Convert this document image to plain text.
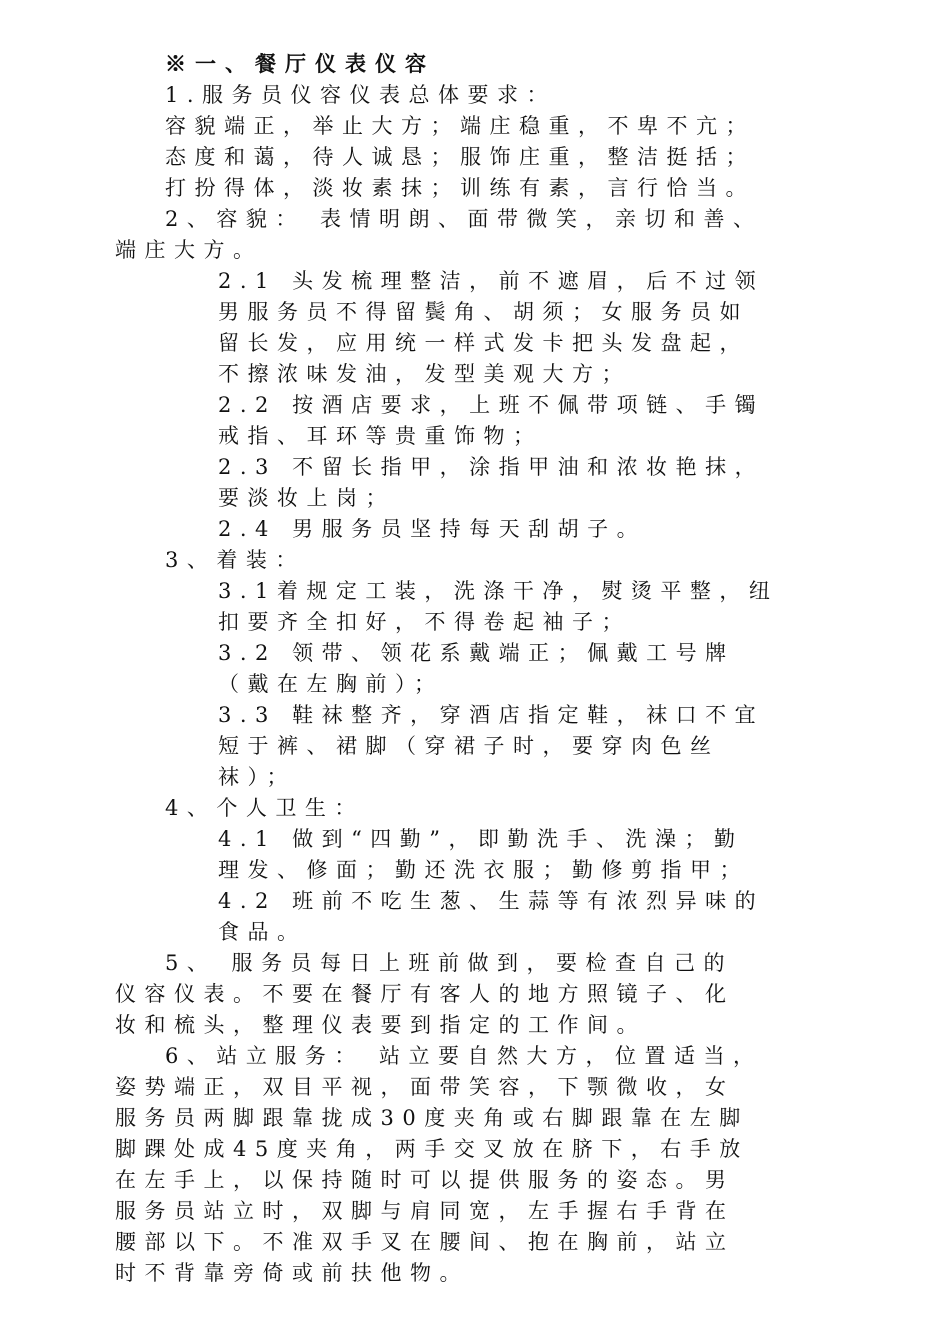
※一、餐厅仪表仪容
1.服务员仪容仪表总体要求：
容貌端正，举止大方；端庄稳重，不卑不亢；
态度和蔼，待人诚恳；服饰庄重，整洁挺括；
打扮得体，淡妆素抹；训练有素，言行恰当。
2、容貌： 表情明朗、面带微笑，亲切和善、
端庄大方。
2.1 头发梳理整洁，前不遮眉，后不过领
男服务员不得留鬓角、胡须；女服务员如
留长发，应用统一样式发卡把头发盘起，
不擦浓味发油，发型美观大方；
2.2 按酒店要求，上班不佩带项链、手镯
戒指、耳环等贵重饰物；
2.3 不留长指甲，涂指甲油和浓妆艳抹，
要淡妆上岗；
2.4 男服务员坚持每天刮胡子。
3、着装：
3.1着规定工装，洗涤干净，熨烫平整，纽
扣要齐全扣好，不得卷起袖子；
3.2 领带、领花系戴端正；佩戴工号牌
（戴在左胸前）；
3.3 鞋袜整齐，穿酒店指定鞋，袜口不宜
短于裤、裙脚（穿裙子时，要穿肉色丝
袜）；
4、个人卫生：
4.1 做到“四勤”，即勤洗手、洗澡；勤
理发、修面；勤还洗衣服；勤修剪指甲；
4.2 班前不吃生葱、生蒜等有浓烈异味的
食品。
5、 服务员每日上班前做到，要检查自己的
仪容仪表。不要在餐厅有客人的地方照镜子、化
妆和梳头，整理仪表要到指定的工作间。
6、站立服务： 站立要自然大方，位置适当，
姿势端正，双目平视，面带笑容，下颚微收，女
服务员两脚跟靠拢成30度夹角或右脚跟靠在左脚
脚踝处成45度夹角，两手交叉放在脐下，右手放
在左手上，以保持随时可以提供服务的姿态。男
服务员站立时，双脚与肩同宽，左手握右手背在
腰部以下。不准双手叉在腰间、抱在胸前，站立
时不背靠旁倚或前扶他物。
